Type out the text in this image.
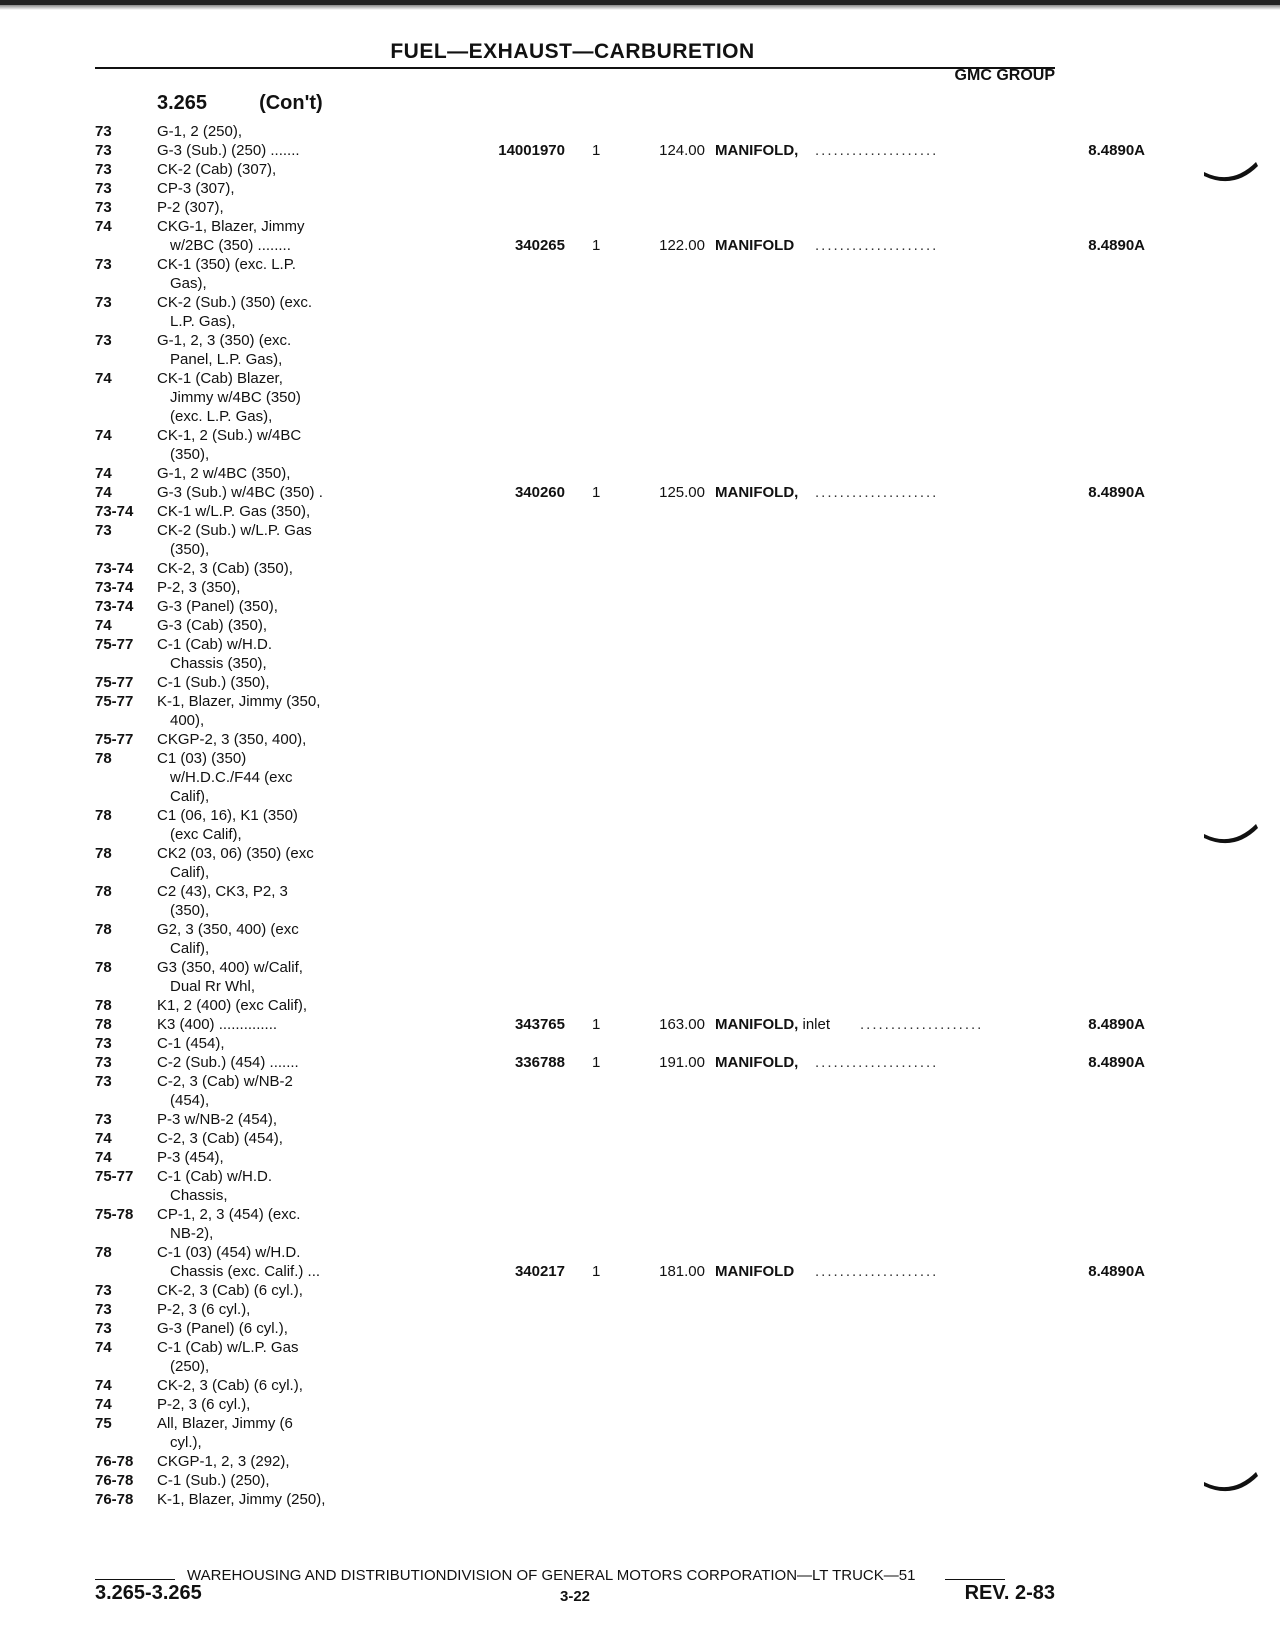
FUEL—EXHAUST—CARBURETION
GMC GROUP
3.265	(Con't)
73	G-1, 2 (250),
73	G-3 (Sub.) (250) .......	14001970 1	124.00 MANIFOLD, ....................	8.4890A
73	CK-2 (Cab) (307),
73	CP-3 (307),
73	P-2 (307),
74	CKG-1, Blazer, Jimmy
w/2BC (350) ........	340265 1	122.00 MANIFOLD ....................	8.4890A
73	CK-1 (350) (exc. L.P.
Gas),
73	CK-2 (Sub.) (350) (exc.
L.P. Gas),
73	G-1, 2, 3 (350) (exc.
Panel, L.P. Gas),
74	CK-1 (Cab) Blazer,
Jimmy w/4BC (350)
(exc. L.P. Gas),
74	CK-1, 2 (Sub.) w/4BC
(350),
74	G-1, 2 w/4BC (350),
74	G-3 (Sub.) w/4BC (350) .	340260 1	125.00 MANIFOLD, ....................	8.4890A
73-74 CK-1 w/L.P. Gas (350),
73	CK-2 (Sub.) w/L.P. Gas
(350),
73-74 CK-2, 3 (Cab) (350),
73-74 P-2, 3 (350),
73-74 G-3 (Panel) (350),
74	G-3 (Cab) (350),
75-77 C-1 (Cab) w/H.D.
Chassis (350),
75-77 C-1 (Sub.) (350),
75-77 K-1, Blazer, Jimmy (350,
400),
75-77 CKGP-2, 3 (350, 400),
78	C1 (03) (350)
w/H.D.C./F44 (exc
Calif),
78	C1 (06, 16), K1 (350)
(exc Calif),
78	CK2 (03, 06) (350) (exc
Calif),
78	C2 (43), CK3, P2, 3
(350),
78	G2, 3 (350, 400) (exc
Calif),
78	G3 (350, 400) w/Calif,
Dual Rr Whl,
78	K1, 2 (400) (exc Calif),
78	K3 (400) ..............	343765 1	163.00 MANIFOLD, inlet ....................	8.4890A
73	C-1 (454),
73	C-2 (Sub.) (454) .......	336788 1	191.00 MANIFOLD, ....................	8.4890A
73	C-2, 3 (Cab) w/NB-2
(454),
73	P-3 w/NB-2 (454),
74	C-2, 3 (Cab) (454),
74	P-3 (454),
75-77 C-1 (Cab) w/H.D.
Chassis,
75-78 CP-1, 2, 3 (454) (exc.
NB-2),
78	C-1 (03) (454) w/H.D.
Chassis (exc. Calif.) ...	340217 1	181.00 MANIFOLD ....................	8.4890A
73	CK-2, 3 (Cab) (6 cyl.),
73	P-2, 3 (6 cyl.),
73	G-3 (Panel) (6 cyl.),
74	C-1 (Cab) w/L.P. Gas
(250),
74	CK-2, 3 (Cab) (6 cyl.),
74	P-2, 3 (6 cyl.),
75	All, Blazer, Jimmy (6
cyl.),
76-78 CKGP-1, 2, 3 (292),
76-78 C-1 (Sub.) (250),
76-78 K-1, Blazer, Jimmy (250),
WAREHOUSING AND DISTRIBUTIONDIVISION OF GENERAL MOTORS CORPORATION—LT TRUCK—51
3.265-3.265	3-22	REV. 2-83
